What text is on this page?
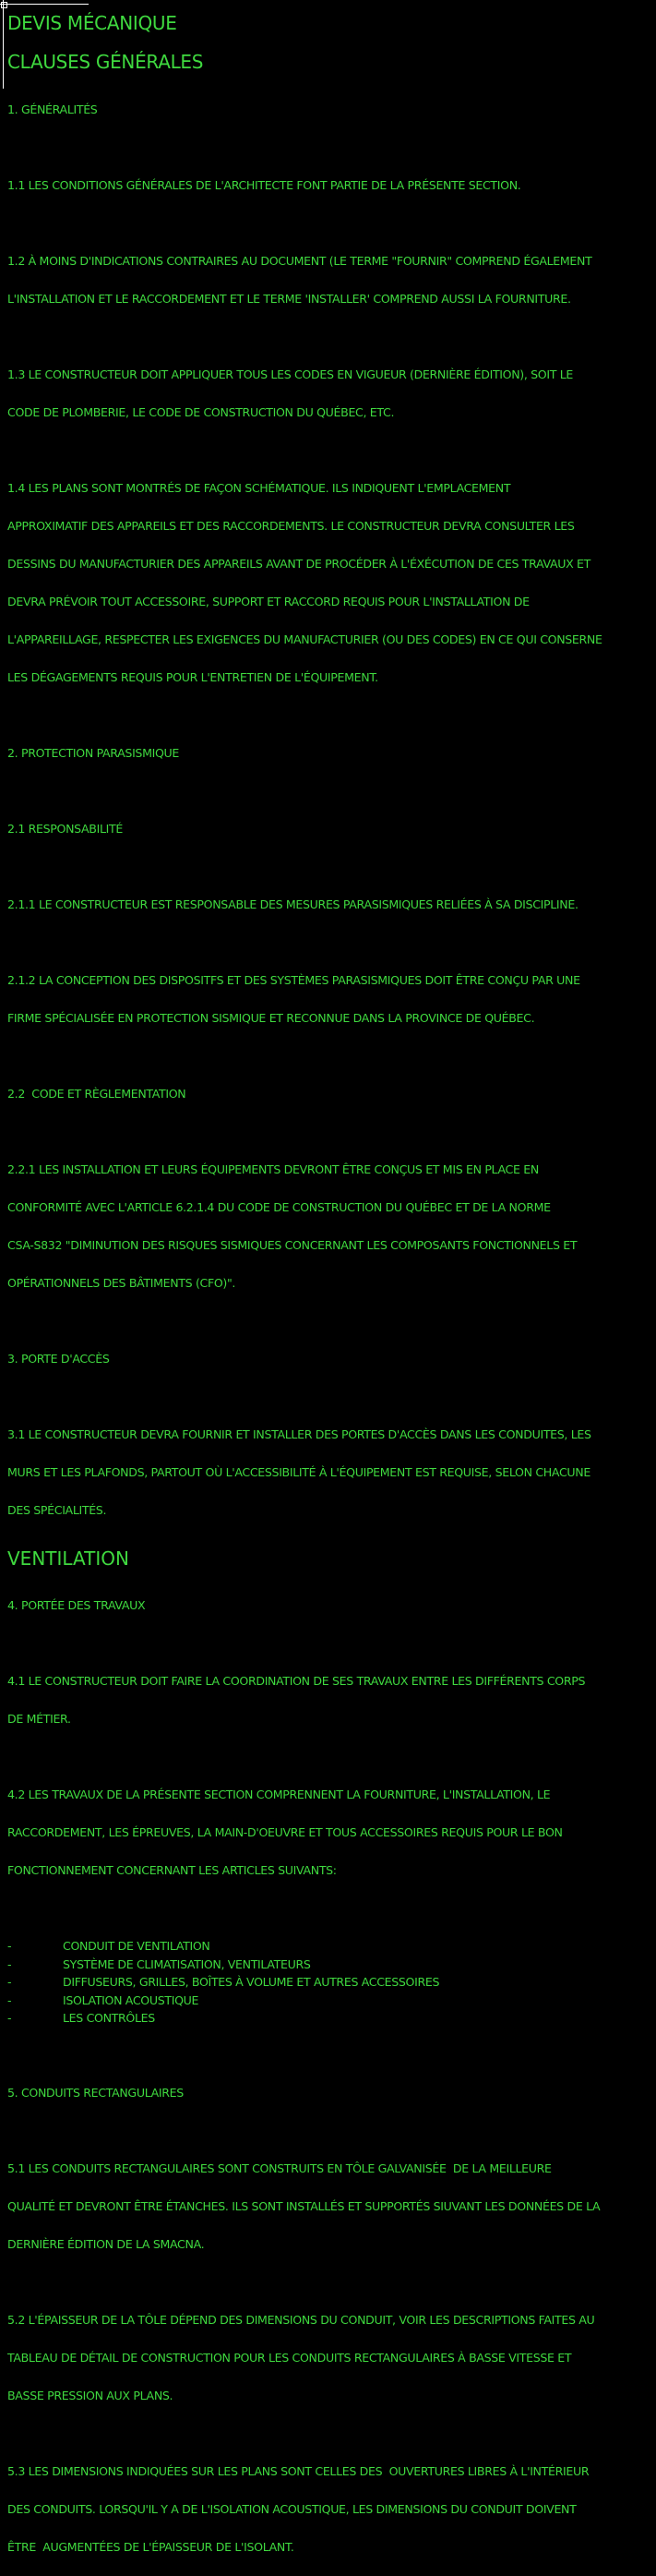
DEVIS MÉCANIQUE
CLAUSES GÉNÉRALES

1. GÉNÉRALITÉS

1.1 LES CONDITIONS GÉNÉRALES DE L'ARCHITECTE FONT PARTIE DE LA PRÉSENTE SECTION.

1.2 À MOINS D'INDICATIONS CONTRAIRES AU DOCUMENT (LE TERME "FOURNIR" COMPREND ÉGALEMENT

L'INSTALLATION ET LE RACCORDEMENT ET LE TERME 'INSTALLER' COMPREND AUSSI LA FOURNITURE.

1.3 LE CONSTRUCTEUR DOIT APPLIQUER TOUS LES CODES EN VIGUEUR (DERNIÈRE ÉDITION), SOIT LE

CODE DE PLOMBERIE, LE CODE DE CONSTRUCTION DU QUÉBEC, ETC.

1.4 LES PLANS SONT MONTRÉS DE FAÇON SCHÉMATIQUE. ILS INDIQUENT L'EMPLACEMENT

APPROXIMATIF DES APPAREILS ET DES RACCORDEMENTS. LE CONSTRUCTEUR DEVRA CONSULTER LES

DESSINS DU MANUFACTURIER DES APPAREILS AVANT DE PROCÉDER À L'ÉXÉCUTION DE CES TRAVAUX ET

DEVRA PRÉVOIR TOUT ACCESSOIRE, SUPPORT ET RACCORD REQUIS POUR L'INSTALLATION DE

L'APPAREILLAGE, RESPECTER LES EXIGENCES DU MANUFACTURIER (OU DES CODES) EN CE QUI CONSERNE

LES DÉGAGEMENTS REQUIS POUR L'ENTRETIEN DE L'ÉQUIPEMENT.

2. PROTECTION PARASISMIQUE

2.1 RESPONSABILITÉ

2.1.1 LE CONSTRUCTEUR EST RESPONSABLE DES MESURES PARASISMIQUES RELIÉES À SA DISCIPLINE.

2.1.2 LA CONCEPTION DES DISPOSITFS ET DES SYSTÈMES PARASISMIQUES DOIT ÊTRE CONÇU PAR UNE

FIRME SPÉCIALISÉE EN PROTECTION SISMIQUE ET RECONNUE DANS LA PROVINCE DE QUÉBEC.

2.2  CODE ET RÈGLEMENTATION

2.2.1 LES INSTALLATION ET LEURS ÉQUIPEMENTS DEVRONT ÊTRE CONÇUS ET MIS EN PLACE EN

CONFORMITÉ AVEC L'ARTICLE 6.2.1.4 DU CODE DE CONSTRUCTION DU QUÉBEC ET DE LA NORME

CSA-S832 "DIMINUTION DES RISQUES SISMIQUES CONCERNANT LES COMPOSANTS FONCTIONNELS ET

OPÉRATIONNELS DES BÂTIMENTS (CFO)".

3. PORTE D'ACCÈS

3.1 LE CONSTRUCTEUR DEVRA FOURNIR ET INSTALLER DES PORTES D'ACCÈS DANS LES CONDUITES, LES

MURS ET LES PLAFONDS, PARTOUT OÙ L'ACCESSIBILITÉ À L'ÉQUIPEMENT EST REQUISE, SELON CHACUNE

DES SPÉCIALITÉS.

VENTILATION

4. PORTÉE DES TRAVAUX

4.1 LE CONSTRUCTEUR DOIT FAIRE LA COORDINATION DE SES TRAVAUX ENTRE LES DIFFÉRENTS CORPS

DE MÉTIER.

4.2 LES TRAVAUX DE LA PRÉSENTE SECTION COMPRENNENT LA FOURNITURE, L'INSTALLATION, LE

RACCORDEMENT, LES ÉPREUVES, LA MAIN-D'OEUVRE ET TOUS ACCESSOIRES REQUIS POUR LE BON

FONCTIONNEMENT CONCERNANT LES ARTICLES SUIVANTS:

-	CONDUIT DE VENTILATION
-	SYSTÈME DE CLIMATISATION, VENTILATEURS
-	DIFFUSEURS, GRILLES, BOÎTES À VOLUME ET AUTRES ACCESSOIRES
-	ISOLATION ACOUSTIQUE
-	LES CONTRÔLES

5. CONDUITS RECTANGULAIRES

5.1 LES CONDUITS RECTANGULAIRES SONT CONSTRUITS EN TÔLE GALVANISÉE  DE LA MEILLEURE

QUALITÉ ET DEVRONT ÊTRE ÉTANCHES. ILS SONT INSTALLÉS ET SUPPORTÉS SIUVANT LES DONNÉES DE LA

DERNIÈRE ÉDITION DE LA SMACNA.

5.2 L'ÉPAISSEUR DE LA TÔLE DÉPEND DES DIMENSIONS DU CONDUIT, VOIR LES DESCRIPTIONS FAITES AU

TABLEAU DE DÉTAIL DE CONSTRUCTION POUR LES CONDUITS RECTANGULAIRES À BASSE VITESSE ET

BASSE PRESSION AUX PLANS.

5.3 LES DIMENSIONS INDIQUÉES SUR LES PLANS SONT CELLES DES  OUVERTURES LIBRES À L'INTÉRIEUR

DES CONDUITS. LORSQU'IL Y A DE L'ISOLATION ACOUSTIQUE, LES DIMENSIONS DU CONDUIT DOIVENT

ÊTRE  AUGMENTÉES DE L'ÉPAISSEUR DE L'ISOLANT.
